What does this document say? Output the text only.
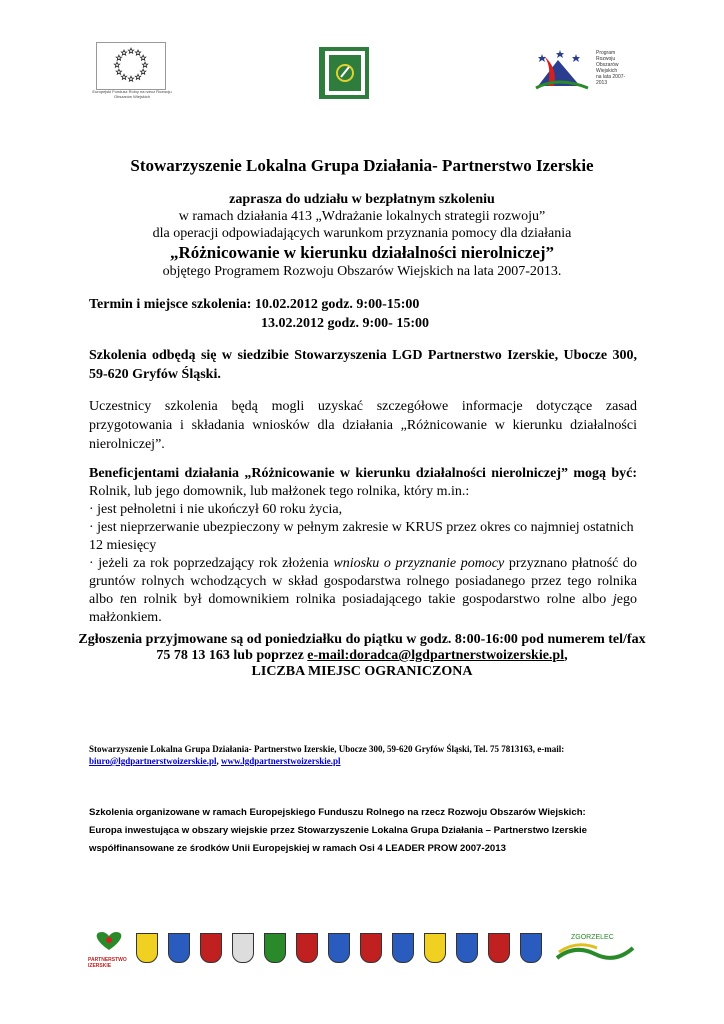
Europejski Fundusz Rolny na rzecz Rozwoju Obszarów Wiejskich
Program
Rozwoju
Obszarów
Wiejskich
na lata 2007-2013
Stowarzyszenie Lokalna Grupa Działania- Partnerstwo Izerskie
zaprasza do udziału w bezpłatnym szkoleniu
w ramach działania 413 „Wdrażanie lokalnych strategii rozwoju”
dla operacji odpowiadających warunkom przyznania pomocy dla działania
„Różnicowanie w kierunku działalności nierolniczej”
objętego Programem Rozwoju Obszarów Wiejskich na lata 2007-2013.
Termin i miejsce szkolenia: 10.02.2012 godz. 9:00-15:00
13.02.2012 godz. 9:00- 15:00

Szkolenia odbędą się w siedzibie Stowarzyszenia LGD Partnerstwo Izerskie, Ubocze 300, 59-620 Gryfów Śląski.

Uczestnicy szkolenia będą mogli uzyskać szczegółowe informacje dotyczące zasad przygotowania i składania wniosków dla działania „Różnicowanie w kierunku działalności nierolniczej”.

Beneficjentami działania „Różnicowanie w kierunku działalności nierolniczej” mogą być: Rolnik, lub jego domownik, lub małżonek tego rolnika, który m.in.:

· jest pełnoletni i nie ukończył 60 roku życia,

· jest nieprzerwanie ubezpieczony w pełnym zakresie w KRUS przez okres co najmniej ostatnich 12 miesięcy

· jeżeli za rok poprzedzający rok złożenia wniosku o przyznanie pomocy przyznano płatność do gruntów rolnych wchodzących w skład gospodarstwa rolnego posiadanego przez tego rolnika albo ten rolnik był domownikiem rolnika posiadającego takie gospodarstwo rolne albo jego małżonkiem.

Zgłoszenia przyjmowane są od poniedziałku do piątku w godz. 8:00-16:00 pod numerem tel/fax
75 78 13 163 lub poprzez e-mail:doradca@lgdpartnerstwoizerskie.pl,
LICZBA MIEJSC OGRANICZONA
Stowarzyszenie Lokalna Grupa Działania- Partnerstwo Izerskie, Ubocze 300, 59-620 Gryfów Śląski, Tel. 75 7813163, e-mail:
biuro@lgdpartnerstwoizerskie.pl, www.lgdpartnerstwoizerskie.pl
Szkolenia organizowane w ramach Europejskiego Funduszu Rolnego na rzecz Rozwoju Obszarów Wiejskich:
Europa inwestująca w obszary wiejskie przez Stowarzyszenie Lokalna Grupa Działania – Partnerstwo Izerskie
współfinansowane ze środków Unii Europejskiej w ramach Osi 4 LEADER PROW 2007-2013
PARTNERSTWO IZERSKIE
ZGORZELEC
